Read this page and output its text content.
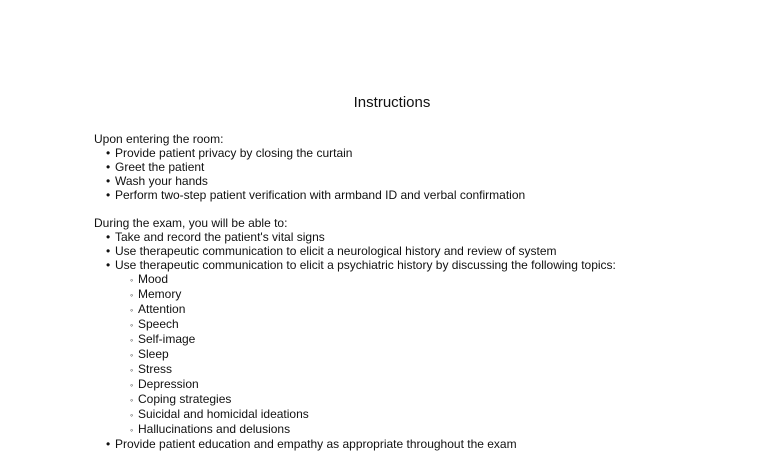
Instructions
Upon entering the room:
• Provide patient privacy by closing the curtain
• Greet the patient
• Wash your hands
• Perform two-step patient verification with armband ID and verbal confirmation
During the exam, you will be able to:
• Take and record the patient's vital signs
• Use therapeutic communication to elicit a neurological history and review of system
• Use therapeutic communication to elicit a psychiatric history by discussing the following topics:
◦ Mood
◦ Memory
◦ Attention
◦ Speech
◦ Self-image
◦ Sleep
◦ Stress
◦ Depression
◦ Coping strategies
◦ Suicidal and homicidal ideations
◦ Hallucinations and delusions
• Provide patient education and empathy as appropriate throughout the exam
